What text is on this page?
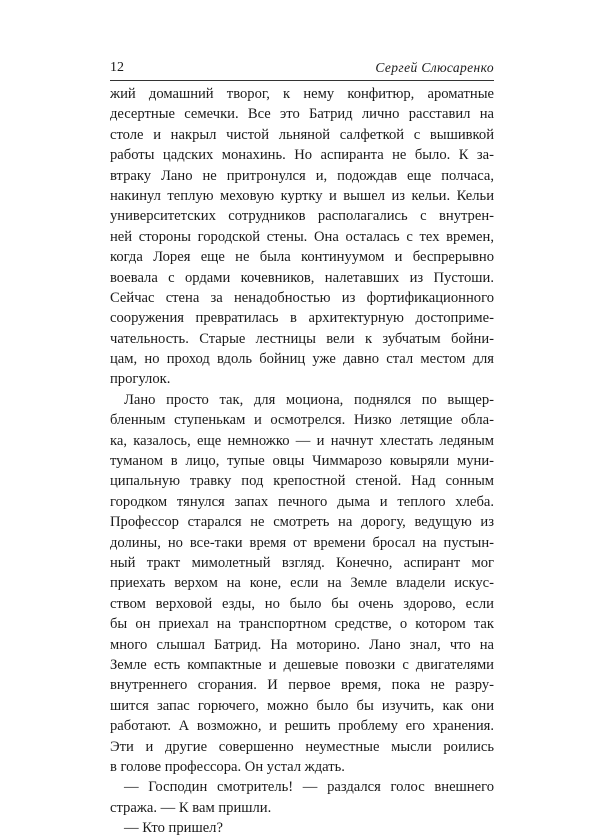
12	Сергей Слюсаренко
жий домашний творог, к нему конфитюр, ароматные
десертные семечки. Все это Батрид лично расставил на
столе и накрыл чистой льняной салфеткой с вышивкой
работы цадских монахинь. Но аспиранта не было. К за-
втраку Лано не притронулся и, подождав еще полчаса,
накинул теплую меховую куртку и вышел из кельи. Кельи
университетских сотрудников располагались с внутрен-
ней стороны городской стены. Она осталась с тех времен,
когда Лорея еще не была континуумом и беспрерывно
воевала с ордами кочевников, налетавших из Пустоши.
Сейчас стена за ненадобностью из фортификационного
сооружения превратилась в архитектурную достопримe-
чательность. Старые лестницы вели к зубчатым бойни-
цам, но проход вдоль бойниц уже давно стал местом для
прогулок.
Лано просто так, для моциона, поднялся по выщер-
бленным ступенькам и осмотрелся. Низко летящие обла-
ка, казалось, еще немножко — и начнут хлестать ледяным
туманом в лицо, тупые овцы Чиммарозо ковыряли муни-
ципальную травку под крепостной стеной. Над сонным
городком тянулся запах печного дыма и теплого хлеба.
Профессор старался не смотреть на дорогу, ведущую из
долины, но все-таки время от времени бросал на пустын-
ный тракт мимолетный взгляд. Конечно, аспирант мог
приехать верхом на коне, если на Земле владели искус-
ством верховой езды, но было бы очень здорово, если
бы он приехал на транспортном средстве, о котором так
много слышал Батрид. На моторино. Лано знал, что на
Земле есть компактные и дешевые повозки с двигателями
внутреннего сгорания. И первое время, пока не разру-
шится запас горючего, можно было бы изучить, как они
работают. А возможно, и решить проблему его хранения.
Эти и другие совершенно неуместные мысли роились
в голове профессора. Он устал ждать.
— Господин смотритель! — раздался голос внешнего
стража. — К вам пришли.
— Кто пришел?
